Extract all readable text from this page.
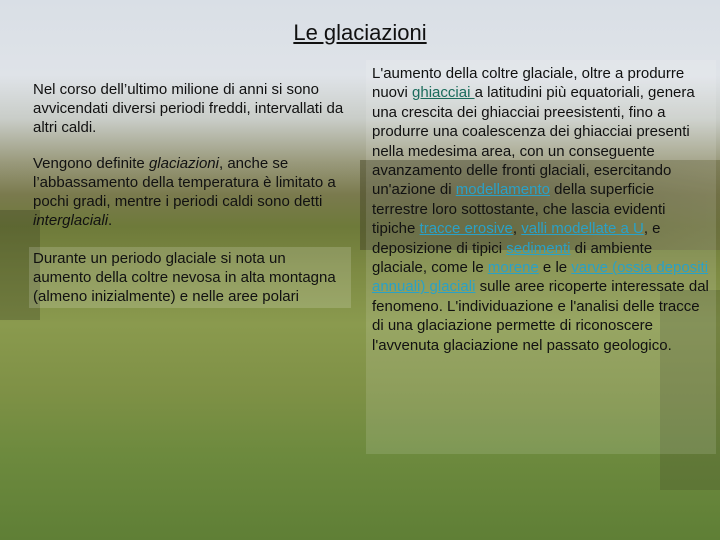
Le glaciazioni

Nel corso dell’ultimo milione di anni si sono avvicendati diversi periodi freddi, intervallati da altri caldi.

Vengono definite glaciazioni, anche se l’abbassamento della temperatura è limitato a pochi gradi, mentre i periodi caldi sono detti interglaciali.

Durante un periodo glaciale si nota un aumento della coltre nevosa in alta montagna (almeno inizialmente) e nelle aree polari

L'aumento della coltre glaciale, oltre a produrre nuovi ghiacciai a latitudini più equatoriali, genera una crescita dei ghiacciai preesistenti, fino a produrre una coalescenza dei ghiacciai presenti nella medesima area, con un conseguente avanzamento delle fronti glaciali, esercitando un'azione di modellamento della superficie terrestre loro sottostante, che lascia evidenti tipiche tracce erosive, valli modellate a U, e deposizione di tipici sedimenti di ambiente glaciale, come le morene e le varve (ossia depositi annuali) glaciali sulle aree ricoperte interessate dal fenomeno. L'individuazione e l'analisi delle tracce di una glaciazione permette di riconoscere l'avvenuta glaciazione nel passato geologico.
